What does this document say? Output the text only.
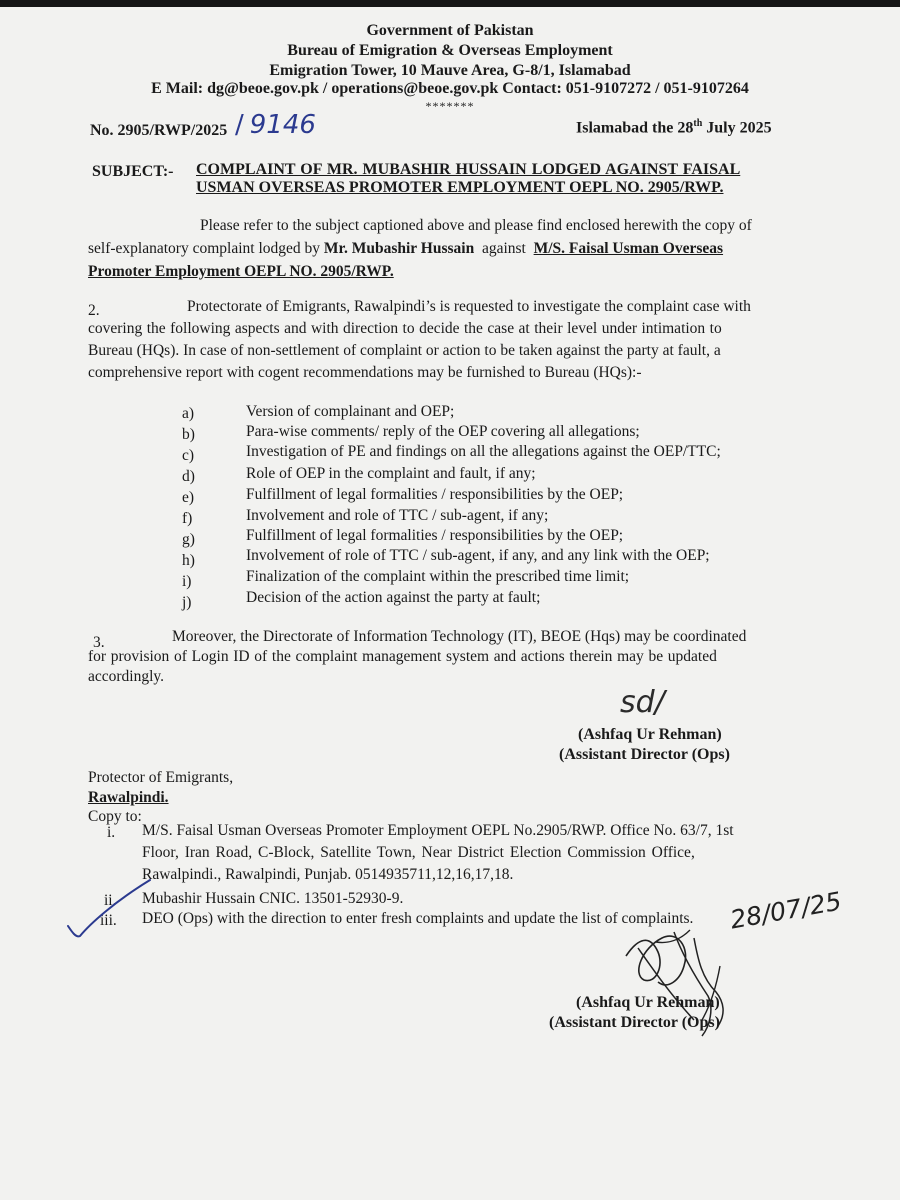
Government of Pakistan
Bureau of Emigration & Overseas Employment
Emigration Tower, 10 Mauve Area, G-8/1, Islamabad
E Mail: dg@beoe.gov.pk / operations@beoe.gov.pk Contact: 051-9107272 / 051-9107264
*******
No. 2905/RWP/2025 / 9146	Islamabad the 28th July 2025
SUBJECT:- COMPLAINT OF MR. MUBASHIR HUSSAIN LODGED AGAINST FAISAL
USMAN OVERSEAS PROMOTER EMPLOYMENT OEPL NO. 2905/RWP.
Please refer to the subject captioned above and please find enclosed herewith the copy of
self-explanatory complaint lodged by Mr. Mubashir Hussain  against  M/S. Faisal Usman Overseas
Promoter Employment OEPL NO. 2905/RWP.
2.	Protectorate of Emigrants, Rawalpindi’s is requested to investigate the complaint case with
covering the following aspects and with direction to decide the case at their level under intimation to
Bureau (HQs). In case of non-settlement of complaint or action to be taken against the party at fault, a
comprehensive report with cogent recommendations may be furnished to Bureau (HQs):-
a)	Version of complainant and OEP;
b)	Para-wise comments/ reply of the OEP covering all allegations;
c)	Investigation of PE and findings on all the allegations against the OEP/TTC;
d)	Role of OEP in the complaint and fault, if any;
e)	Fulfillment of legal formalities / responsibilities by the OEP;
f)	Involvement and role of TTC / sub-agent, if any;
g)	Fulfillment of legal formalities / responsibilities by the OEP;
h)	Involvement of role of TTC / sub-agent, if any, and any link with the OEP;
i)	Finalization of the complaint within the prescribed time limit;
j)	Decision of the action against the party at fault;
3.	Moreover, the Directorate of Information Technology (IT), BEOE (Hqs) may be coordinated
for provision of Login ID of the complaint management system and actions therein may be updated
accordingly.
sd/
(Ashfaq Ur Rehman)
(Assistant Director (Ops)
Protector of Emigrants,
Rawalpindi.
Copy to:
i. M/S. Faisal Usman Overseas Promoter Employment OEPL No.2905/RWP. Office No. 63/7, 1st
Floor, Iran Road, C-Block, Satellite Town, Near District Election Commission Office,
Rawalpindi., Rawalpindi, Punjab. 0514935711,12,16,17,18.
ii. Mubashir Hussain CNIC. 13501-52930-9.
iii. DEO (Ops) with the direction to enter fresh complaints and update the list of complaints. 28/07/25
(Ashfaq Ur Rehman)
(Assistant Director (Ops)
